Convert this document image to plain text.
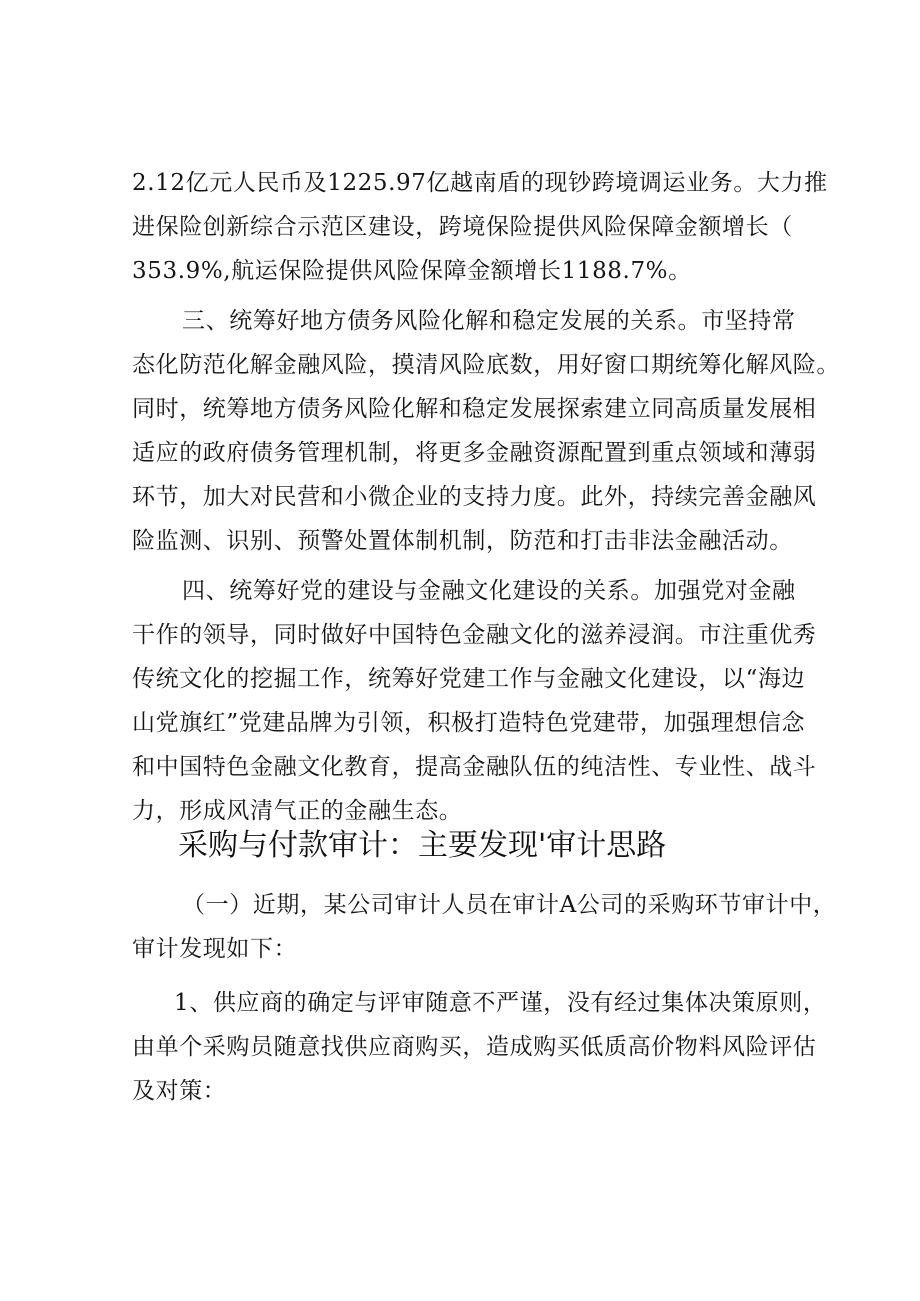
2.12亿元人民币及1225.97亿越南盾的现钞跨境调运业务。大力推
进保险创新综合示范区建设，跨境保险提供风险保障金额增长（
353.9%,航运保险提供风险保障金额增长1188.7%。
三、统筹好地方债务风险化解和稳定发展的关系。市坚持常
态化防范化解金融风险，摸清风险底数，用好窗口期统筹化解风险。
同时，统筹地方债务风险化解和稳定发展探索建立同高质量发展相
适应的政府债务管理机制，将更多金融资源配置到重点领域和薄弱
环节，加大对民营和小微企业的支持力度。此外，持续完善金融风
险监测、识别、预警处置体制机制，防范和打击非法金融活动。
四、统筹好党的建设与金融文化建设的关系。加强党对金融
干作的领导，同时做好中国特色金融文化的滋养浸润。市注重优秀
传统文化的挖掘工作，统筹好党建工作与金融文化建设，以“海边
山党旗红”党建品牌为引领，积极打造特色党建带，加强理想信念
和中国特色金融文化教育，提高金融队伍的纯洁性、专业性、战斗
力，形成风清气正的金融生态。
采购与付款审计：主要发现'审计思路
（一）近期，某公司审计人员在审计A公司的采购环节审计中，
审计发现如下：
1、供应商的确定与评审随意不严谨，没有经过集体决策原则，
由单个采购员随意找供应商购买，造成购买低质高价物料风险评估
及对策：
